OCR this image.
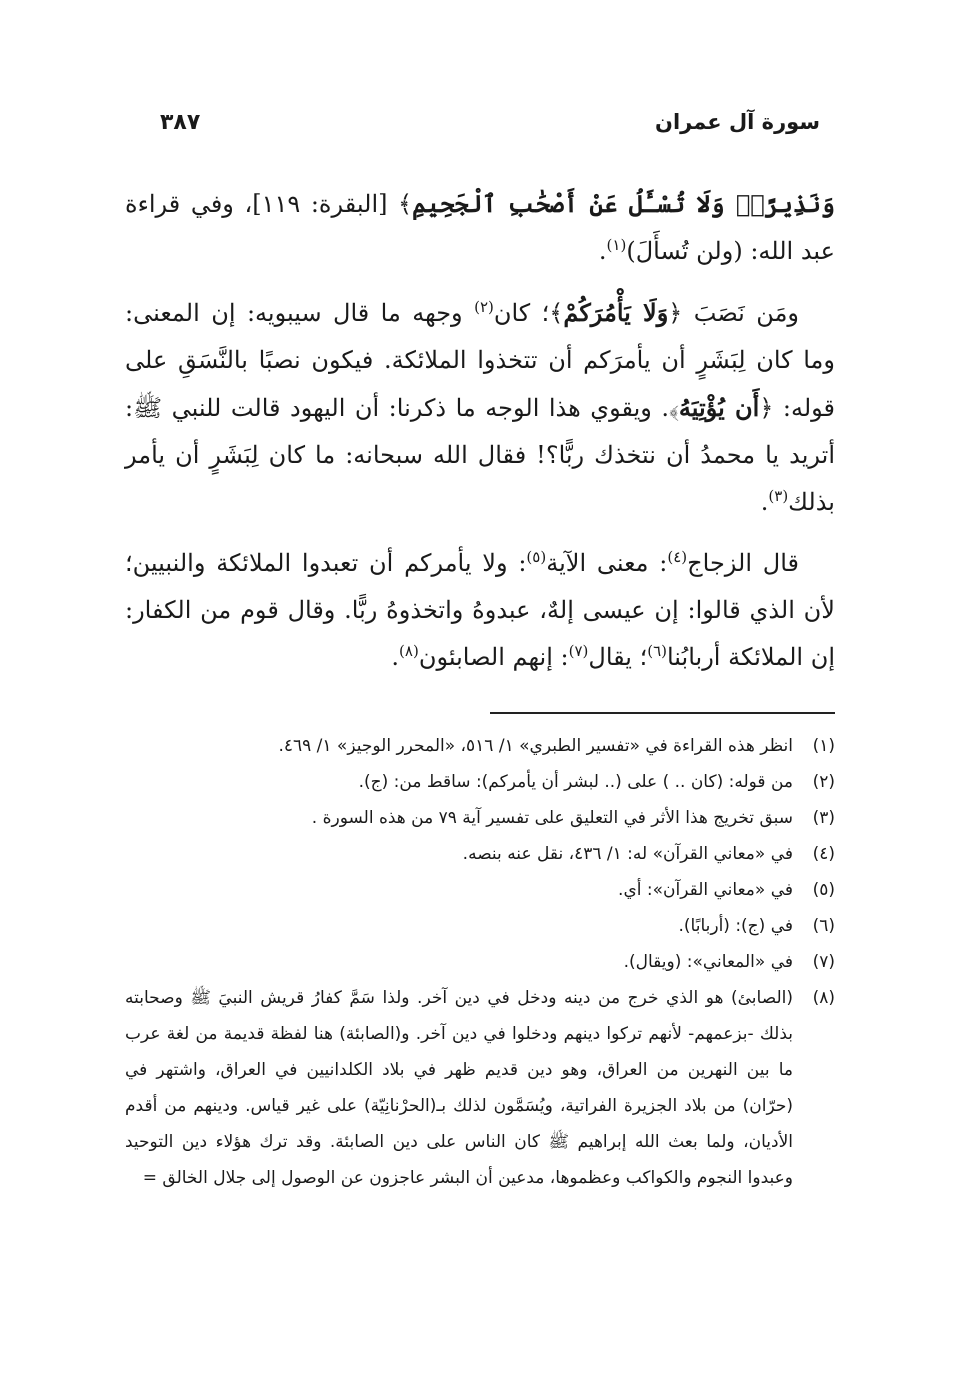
سورة آل عمران
٣٨٧

وَنَذِيرًاۖ وَلَا تُسْـَٔلُ عَنْ أَصْحَٰبِ ٱلْجَحِيمِ﴾ [البقرة: ١١٩]، وفي قراءة عبد الله: (ولن تُسأَلَ)$^{(١)}$.

ومَن نَصَبَ ﴿وَلَا يَأْمُرَكُمْ﴾؛ كان$^{(٢)}$ وجهه ما قال سيبويه: إن المعنى: وما كان لِبَشَرٍ أن يأمرَكم أن تتخذوا الملائكة. فيكون نصبًا بالنَّسَقِ على قوله: ﴿أَن يُؤْتِيَهُ﴾. ويقوي هذا الوجه ما ذكرنا: أن اليهود قالت للنبي ﷺ: أتريد يا محمدُ أن نتخذك ربًّا؟! فقال الله سبحانه: ما كان لِبَشَرٍ أن يأمر بذلك$^{(٣)}$.

قال الزجاج$^{(٤)}$: معنى الآية$^{(٥)}$: ولا يأمركم أن تعبدوا الملائكة والنبيين؛ لأن الذي قالوا: إن عيسى إلهٌ، عبدوهُ واتخذوهُ ربًّا. وقال قوم من الكفار: إن الملائكة أربابُنا$^{(٦)}$؛ يقال$^{(٧)}$: إنهم الصابئون$^{(٨)}$.

(١)
انظر هذه القراءة في «تفسير الطبري» ١/ ٥١٦، «المحرر الوجيز» ١/ ٤٦٩.
(٢)
من قوله: (كان .. ) على (.. لبشر أن يأمركم): ساقط من: (ج).
(٣)
سبق تخريج هذا الأثر في التعليق على تفسير آية ٧٩ من هذه السورة .
(٤)
في «معاني القرآن» له: ١/ ٤٣٦، نقل عنه بنصه.
(٥)
في «معاني القرآن»: أي.
(٦)
في (ج): (أربابًا).
(٧)
في «المعاني»: (ويقال).
(٨)
(الصابئ) هو الذي خرج من دينه ودخل في دين آخر. ولذا سَمَّ كفارُ قريش النبيَ ﷺ وصحابته بذلك -بزعمهم- لأنهم تركوا دينهم ودخلوا في دين آخر. و(الصابئة) هنا لفظة قديمة من لغة عرب ما بين النهرين من العراق، وهو دين قديم ظهر في بلاد الكلدانيين في العراق، واشتهر في (حرّان) من بلاد الجزيرة الفراتية، ويُسَمَّون لذلك بـ(الحرْنانِيّة) على غير قياس. ودينهم من أقدم الأديان، ولما بعث الله إبراهيم ﷺ كان الناس على دين الصابئة. وقد ترك هؤلاء دين التوحيد وعبدوا النجوم والكواكب وعظموها، مدعين أن البشر عاجزون عن الوصول إلى جلال الخالق =
